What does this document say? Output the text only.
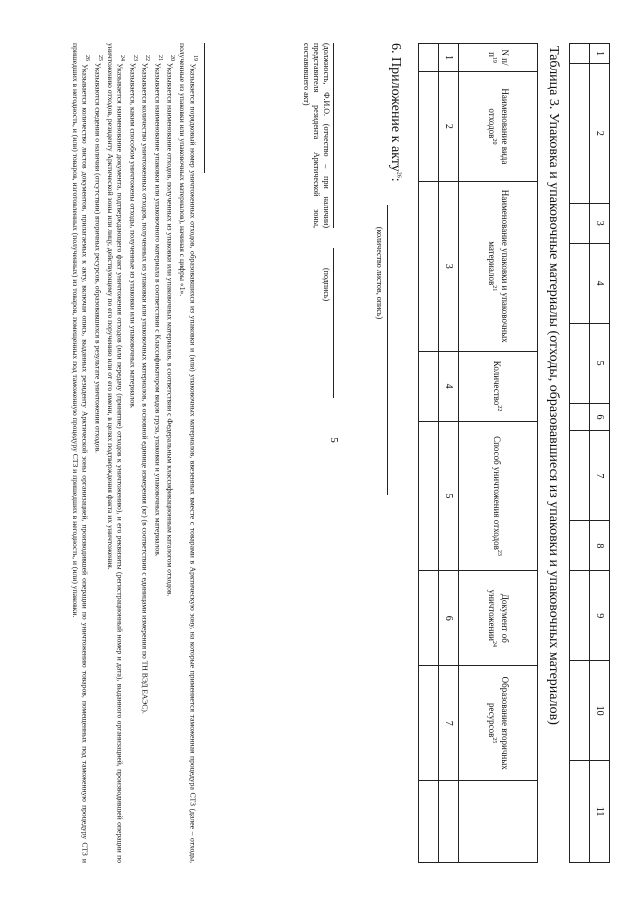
5
1	2	3	4	5	6	7	8	9	10	11

Таблица 3. Упаковка и упаковочные материалы (отходы, образовавшиеся из упаковки и упаковочных материалов)
N $п/п^{19}$	Наименование вида отходов$^{20}$	Наименование упаковки и упаковочных материалов$^{21}$	Количество$^{22}$	Способ уничтожения отходов$^{23}$	Документ об уничтожении$^{24}$	Образование вторичных ресурсов$^{25}$	
1	2	3	4	5	6	7	

6. Приложение к акту$^{26}$:
(количество листов, опись)
(должность, Ф.И.О. (отчество – при наличии) представителя резидента Арктической зоны, составившего акт)
(подпись)

$^{19}$ Указывается порядковый номер уничтоженных отходов, образовавшихся из упаковки и (или) упаковочных материалов, ввезенных вместе с товарами в Арктическую зону, на которые применяется таможенная процедура СТЗ (далее – отходы, полученные из упаковки или упаковочных материалов), начиная с цифры «1».

$^{20}$ Указывается наименование отходов, полученных из упаковки или упаковочных материалов, в соответствии с Федеральным классификационным каталогом отходов.

$^{21}$ Указывается наименование упаковки или упаковочного материала в соответствии с Классификатором видов груза, упаковки и упаковочных материалов.

$^{22}$ Указывается количество уничтоженных отходов, полученных из упаковки или упаковочных материалов, в основной единице измерения (кг) (в соответствии с единицами измерения по ТН ВЭД ЕАЭС).

$^{23}$ Указывается, каким способом уничтожены отходы, полученные из упаковки или упаковочных материалов.

$^{24}$ Указывается наименование документа, подтверждающего факт уничтожения отходов (или передачу (принятие) отходов к уничтожению), и его реквизиты (регистрационный номер и дата), выданного организацией, производившей операции по уничтожению отходов, резиденту Арктической зоны или лицу, действующему по его поручению или от его имени, в целях подтверждения факта их уничтожения.

$^{25}$ Указываются сведения о наличии (отсутствии) вторичных ресурсов, образовавшихся в результате уничтожения отходов.

$^{26}$ Указывается количество листов документов, прилагаемых к акту, включая опись, выданных резиденту Арктической зоны организацией, производившей операции по уничтожению товаров, помещенных под таможенную процедуру СТЗ и пришедших в негодность, и (или) товаров, изготовленных (полученных) из товаров, помещенных под таможенную процедуру СТЗ и пришедших в негодность, и (или) упаковки.
